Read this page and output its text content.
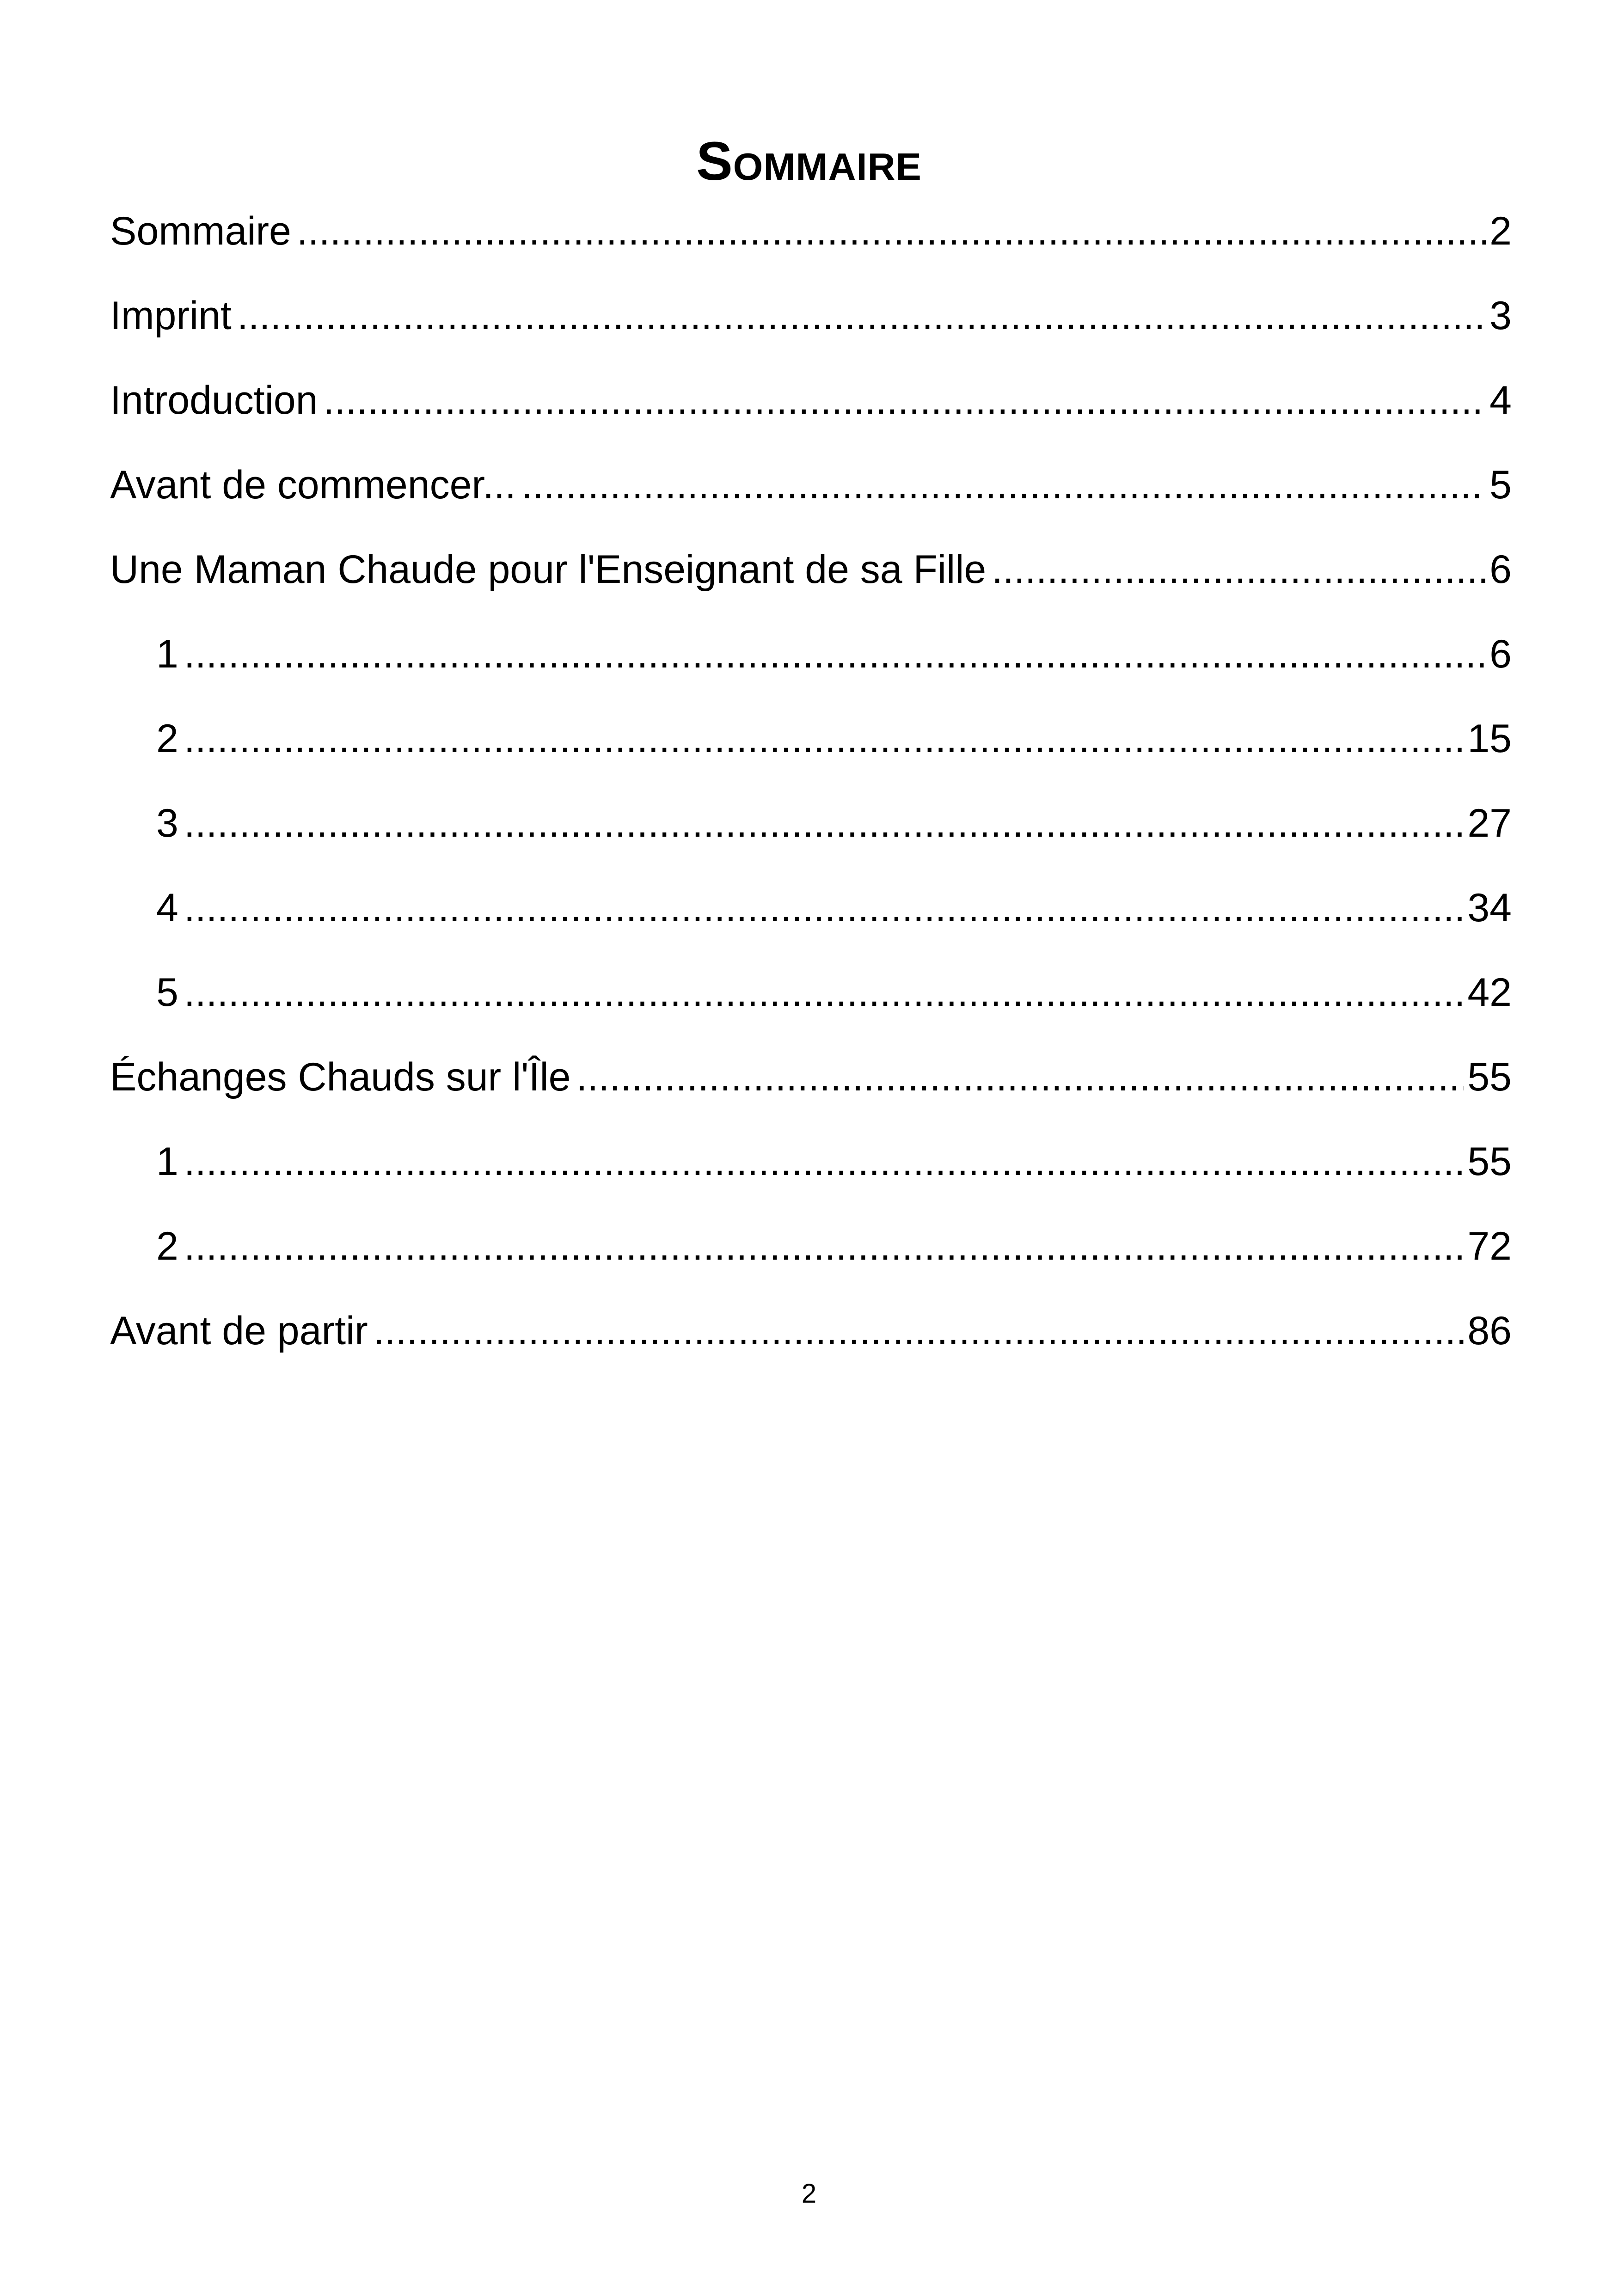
Sommaire
Sommaire .....	2
Imprint .....	3
Introduction .....	4
Avant de commencer... .....	5
Une Maman Chaude pour l'Enseignant de sa Fille .....	6
1 .....	6
2 .....	15
3 .....	27
4 .....	34
5 .....	42
Échanges Chauds sur l'Île .....	55
1 .....	55
2 .....	72
Avant de partir .....	86
2
